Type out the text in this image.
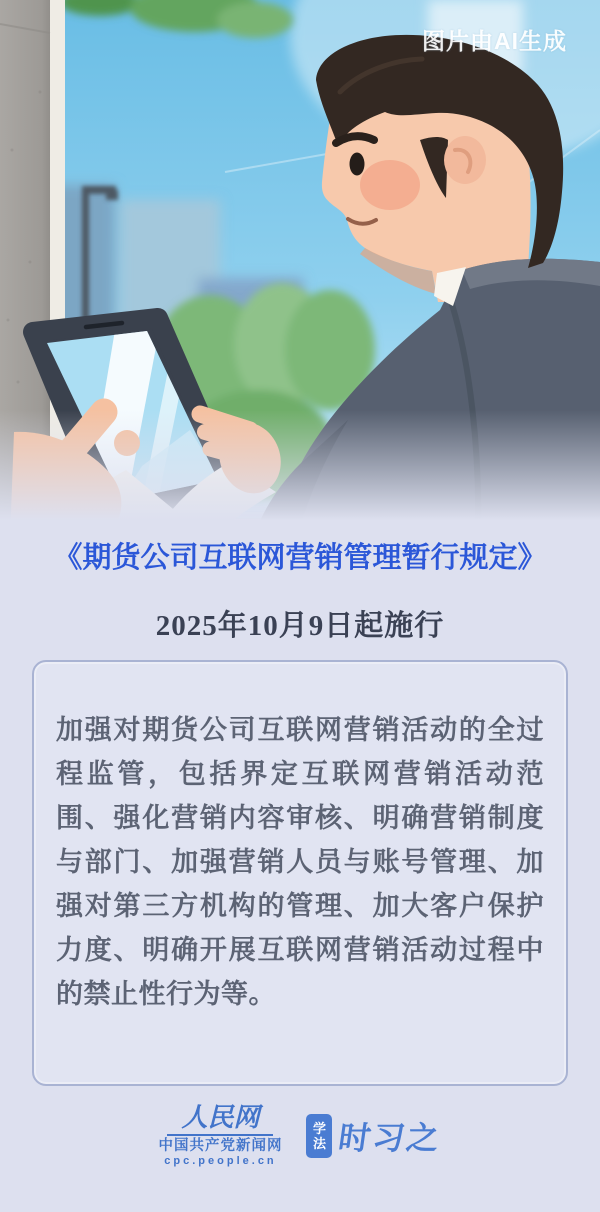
图片由AI生成
《期货公司互联网营销管理暂行规定》
2025年10月9日起施行
加强对期货公司互联网营销活动的全过程监管，包括界定互联网营销活动范围、强化营销内容审核、明确营销制度与部门、加强营销人员与账号管理、加强对第三方机构的管理、加大客户保护力度、明确开展互联网营销活动过程中的禁止性行为等。
人民网
中国共产党新闻网
cpc.people.cn
学
法 时习之
